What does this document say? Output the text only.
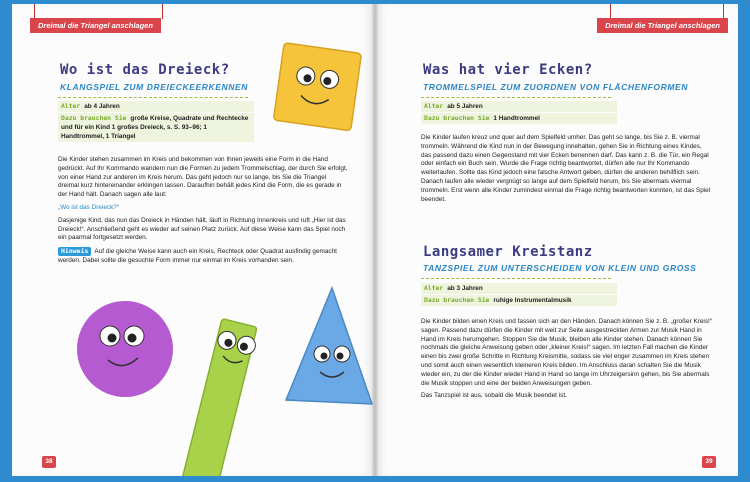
Dreimal die Triangel anschlagen
Wo ist das Dreieck?
KLANGSPIEL ZUM DREIECKEERKENNEN
Alter ab 4 Jahren
Dazu brauchen Sie große Kreise, Quadrate und Rechtecke und für ein Kind 1 großes Dreieck, s. S. 93–96; 1 Handtrommel, 1 Triangel

Die Kinder stehen zusammen im Kreis und bekommen von Ihnen jeweils eine Form in die Hand gedrückt. Auf Ihr Kommando wandern nun die Formen zu jedem Trommelschlag, der durch Sie erfolgt, von einer Hand zur anderen im Kreis herum. Das geht jedoch nur so lange, bis Sie die Triangel dreimal kurz hintereinander erklingen lassen. Daraufhin behält jedes Kind die Form, die es gerade in der Hand hält. Danach sagen alle laut:

„Wo ist das Dreieck?“

Dasjenige Kind, das nun das Dreieck in Händen hält, läuft in Richtung Innenkreis und ruft „Hier ist das Dreieck!“. Anschließend geht es wieder auf seinen Platz zurück. Auf diese Weise kann das Spiel noch ein paarmal fortgesetzt werden.

Hinweis Auf die gleiche Weise kann auch ein Kreis, Rechteck oder Quadrat ausfindig gemacht werden. Dabei sollte die gesuchte Form immer nur einmal im Kreis vorhanden sein.

38
Dreimal die Triangel anschlagen
Was hat vier Ecken?
TROMMELSPIEL ZUM ZUORDNEN VON FLÄCHENFORMEN
Alter ab 5 Jahren
Dazu brauchen Sie 1 Handtrommel

Die Kinder laufen kreuz und quer auf dem Spielfeld umher. Das geht so lange, bis Sie z. B. viermal trommeln. Während die Kind nun in der Bewegung innehalten, gehen Sie in Richtung eines Kindes, das passend dazu einen Gegenstand mit vier Ecken benennen darf. Das kann z. B. die Tür, ein Regal oder einfach ein Buch sein. Wurde die Frage richtig beantwortet, dürfen alle nur Ihr Kommando weiterlaufen. Sollte das Kind jedoch eine falsche Antwort geben, dürfen die anderen behilflich sein. Danach laufen alle wieder vergnügt so lange auf dem Spielfeld herum, bis Sie abermals viermal trommeln. Erst wenn alle Kinder zumindest einmal die Frage richtig beantworten konnten, ist das Spiel beendet.

Langsamer Kreistanz
TANZSPIEL ZUM UNTERSCHEIDEN VON KLEIN UND GROSS
Alter ab 3 Jahren
Dazu brauchen Sie ruhige Instrumentalmusik

Die Kinder bilden einen Kreis und fassen sich an den Händen. Danach können Sie z. B. „großer Kreis!“ sagen. Passend dazu dürfen die Kinder mit weit zur Seite ausgestreckten Armen zur Musik Hand in Hand im Kreis herumgehen. Stoppen Sie die Musik, bleiben alle Kinder stehen. Danach können Sie nochmals die gleiche Anweisung geben oder „kleiner Kreis!“ sagen. Im letzten Fall machen die Kinder einen bis zwei große Schritte in Richtung Kreismitte, sodass sie viel enger zusammen im Kreis stehen und somit auch einen wesentlich kleineren Kreis bilden. Im Anschluss daran schalten Sie die Musik wieder ein, zu der die Kinder wieder Hand in Hand so lange im Uhrzeigersinn gehen, bis Sie abermals die Musik stoppen und eine der beiden Anweisungen geben.

Das Tanzspiel ist aus, sobald die Musik beendet ist.

39
